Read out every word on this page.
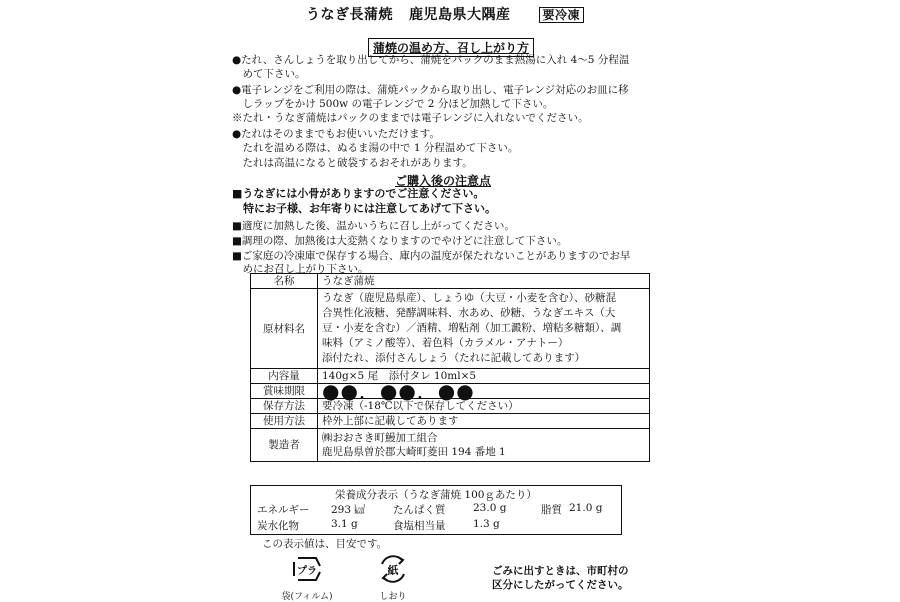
うなぎ長蒲焼 鹿児島県大隅産	要冷凍
蒲焼の温め方、召し上がり方
●たれ、さんしょうを取り出してから、蒲焼をパックのまま熱湯に入れ 4～5 分程温
　めて下さい。
●電子レンジをご利用の際は、蒲焼パックから取り出し、電子レンジ対応のお皿に移
　しラップをかけ 500w の電子レンジで 2 分ほど加熱して下さい。
※たれ・うなぎ蒲焼はパックのままでは電子レンジに入れないでください。
●たれはそのままでもお使いいただけます。
　たれを温める際は、ぬるま湯の中で 1 分程温めて下さい。
　たれは高温になると破袋するおそれがあります。
ご購入後の注意点
■うなぎには小骨がありますのでご注意ください。
　特にお子様、お年寄りには注意してあげて下さい。
■適度に加熱した後、温かいうちに召し上がってください。
■調理の際、加熱後は大変熱くなりますのでやけどに注意して下さい。
■ご家庭の冷凍庫で保存する場合、庫内の温度が保たれないことがありますのでお早
　めにお召し上がり下さい。
名称	うなぎ蒲焼
原材料名	うなぎ（鹿児島県産）、しょうゆ（大豆・小麦を含む）、砂糖混
合異性化液糖、発酵調味料、水あめ、砂糖、うなぎエキス（大
豆・小麦を含む）／酒精、増粘剤（加工澱粉、増粘多糖類）、調
味料（アミノ酸等）、着色料（カラメル・アナトー）
添付たれ、添付さんしょう（たれに記載してあります）

内容量	140g×5 尾　添付タレ 10ml×5
賞味期限	●●．●●．●●
保存方法	要冷凍（-18℃以下で保存してください）
使用方法	枠外上部に記載してあります
製造者	㈱おおさき町鰻加工組合
鹿児島県曽於郡大崎町菱田 194 番地 1
栄養成分表示（うなぎ蒲焼 100ｇあたり）
エネルギー 293 ㎉	たんぱく質	23.0 g	脂質 21.0 g
炭水化物	3.1 g	食塩相当量	1.3 g
この表示値は、目安です。
プラ
袋(フィルム)
紙
しおり
ごみに出すときは、市町村の
区分にしたがってください。
